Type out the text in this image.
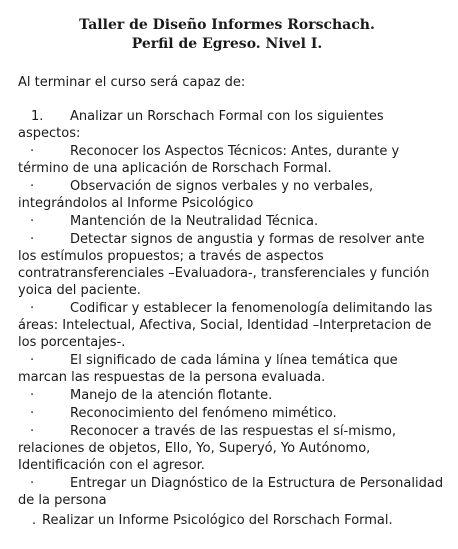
Taller de Diseño Informes Rorschach.
Perfil de Egreso. Nivel I.

Al terminar el curso será capaz de:

1. Analizar un Rorschach Formal con los siguientes aspectos:
·	Reconocer los Aspectos Técnicos: Antes, durante y término de una aplicación de Rorschach Formal.
·	Observación de signos verbales y no verbales, integrándolos al Informe Psicológico
·	Mantención de la Neutralidad Técnica.
·	Detectar signos de angustia y formas de resolver ante los estímulos propuestos; a través de aspectos contratransferenciales –Evaluadora-, transferenciales y función yoica del paciente.
·	Codificar y establecer la fenomenología delimitando las áreas: Intelectual, Afectiva, Social, Identidad –Interpretacion de los porcentajes-.
·	El significado de cada lámina y línea temática que marcan las respuestas de la persona evaluada.
·	Manejo de la atención flotante.
·	Reconocimiento del fenómeno mimético.
·	Reconocer a través de las respuestas el sí-mismo, relaciones de objetos, Ello, Yo, Superyó, Yo Autónomo, Identificación con el agresor.
·	Entregar un Diagnóstico de la Estructura de Personalidad de la persona
. Realizar un Informe Psicológico del Rorschach Formal.
